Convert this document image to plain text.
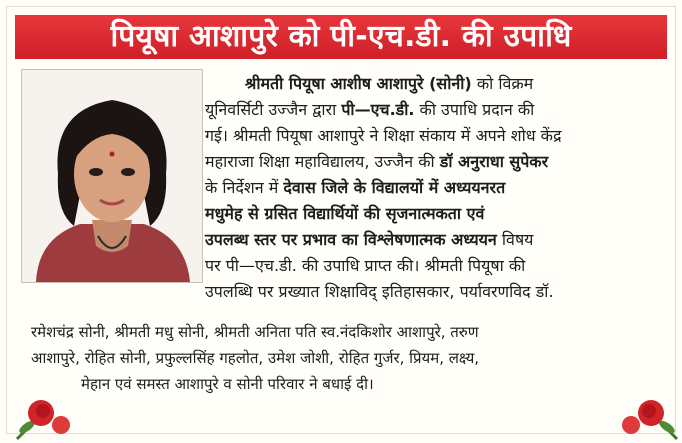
पियूषा आशापुरे को पी-एच.डी. की उपाधि
श्रीमती पियूषा आशीष आशापुरे (सोनी) को विक्रम
यूनिवर्सिटी उज्जैन द्वारा पी—एच.डी. की उपाधि प्रदान की
गई। श्रीमती पियूषा आशापुरे ने शिक्षा संकाय में अपने शोध केंद्र
महाराजा शिक्षा महाविद्यालय, उज्जैन की डॉ अनुराधा सुपेकर
के निर्देशन में देवास जिले के विद्यालयों में अध्ययनरत
मधुमेह से ग्रसित विद्यार्थियों की सृजनात्मकता एवं
उपलब्ध स्तर पर प्रभाव का विश्लेषणात्मक अध्ययन विषय
पर पी—एच.डी. की उपाधि प्राप्त की। श्रीमती पियूषा की
उपलब्धि पर प्रख्यात शिक्षाविद् इतिहासकार, पर्यावरणविद डॉ.
रमेशचंद्र सोनी, श्रीमती मधु सोनी, श्रीमती अनिता पति स्व.नंदकिशोर आशापुरे, तरुण
आशापुरे, रोहित सोनी, प्रफुल्लसिंह गहलोत, उमेश जोशी, रोहित गुर्जर, प्रियम, लक्ष्य,
मेहान एवं समस्त आशापुरे व सोनी परिवार ने बधाई दी।
